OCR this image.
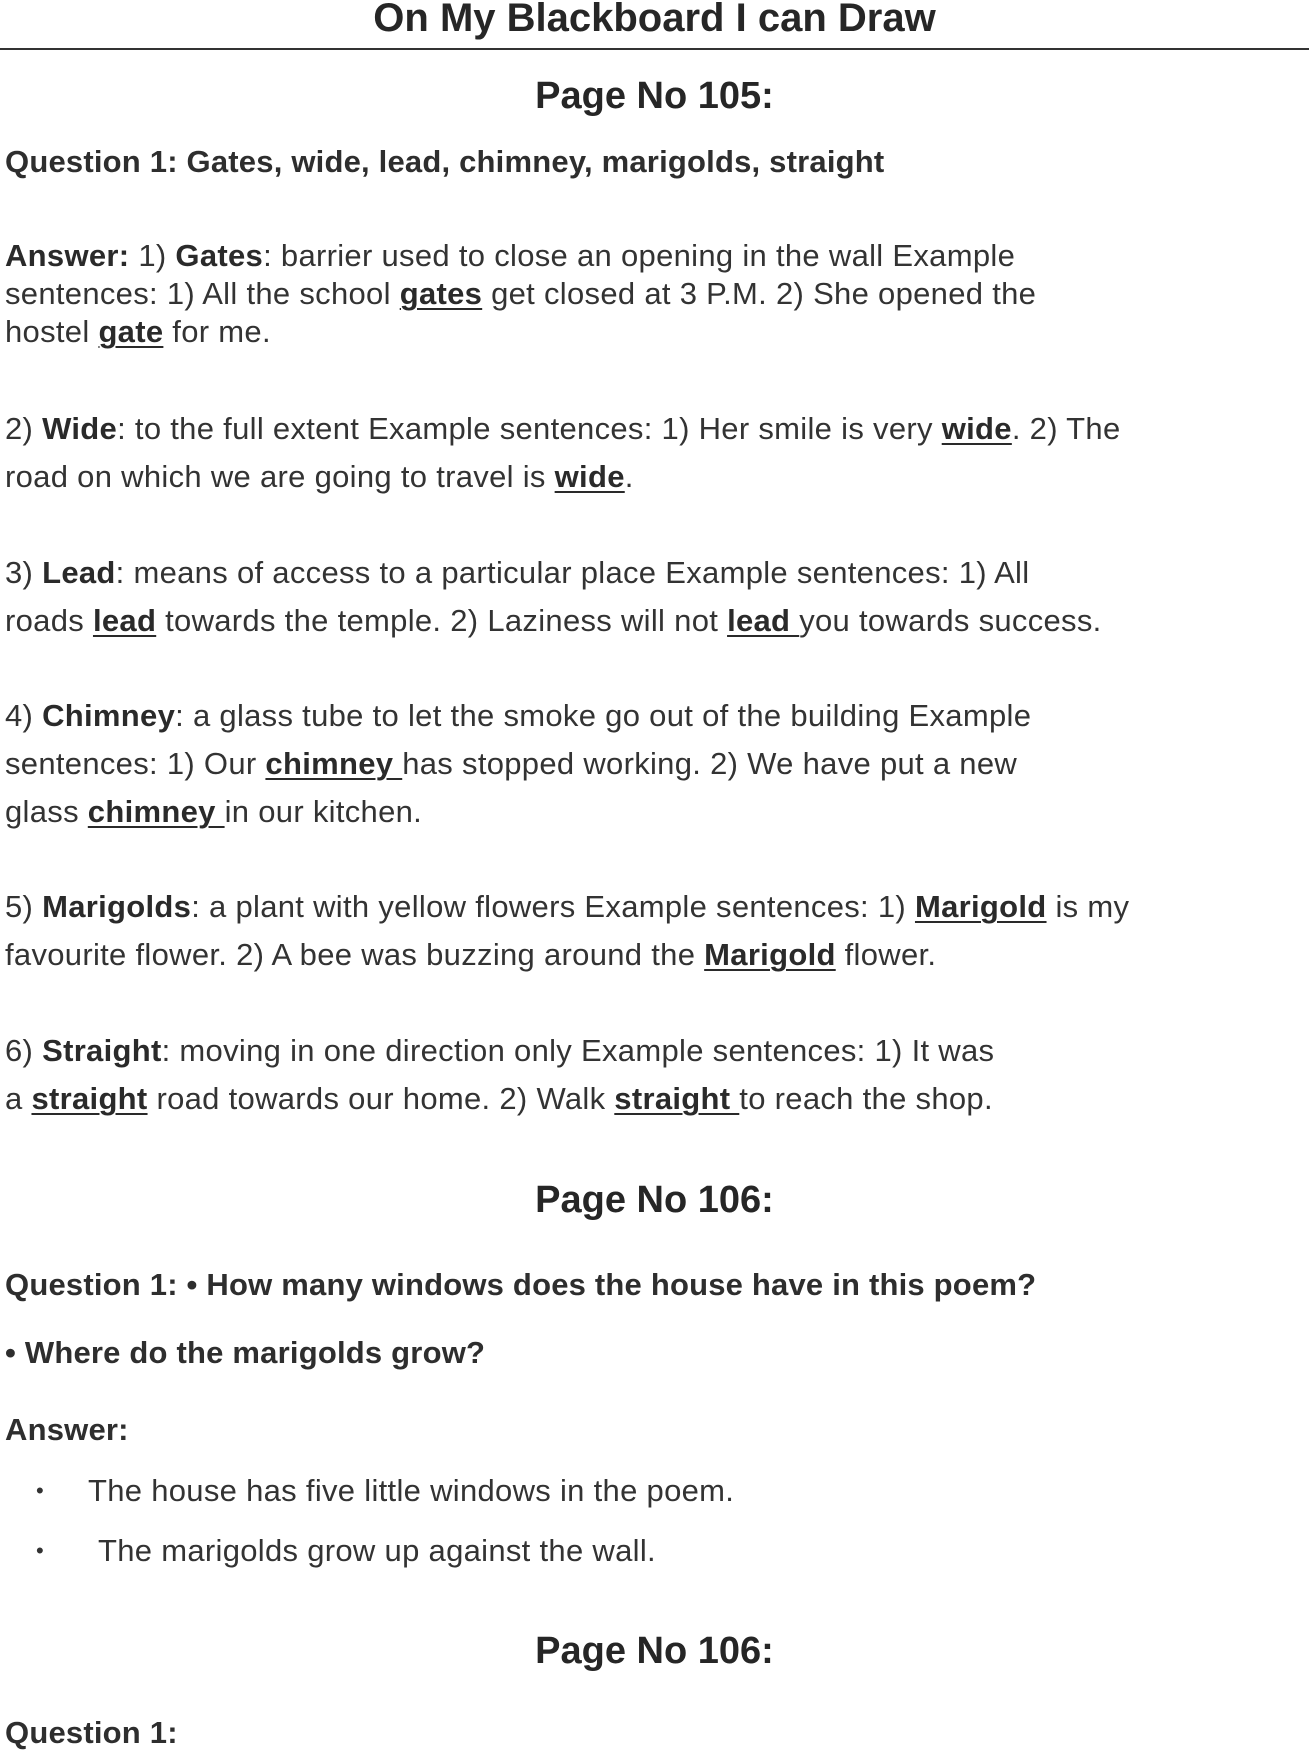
On My Blackboard I can Draw
Page No 105:
Question 1: Gates, wide, lead, chimney, marigolds, straight
Answer: 1) Gates: barrier used to close an opening in the wall Example
sentences: 1) All the school gates get closed at 3 P.M. 2) She opened the
hostel gate for me.
2) Wide: to the full extent Example sentences: 1) Her smile is very wide. 2) The
road on which we are going to travel is wide.
3) Lead: means of access to a particular place Example sentences: 1) All
roads lead towards the temple. 2) Laziness will not lead you towards success.
4) Chimney: a glass tube to let the smoke go out of the building Example
sentences: 1) Our chimney has stopped working. 2) We have put a new
glass chimney in our kitchen.
5) Marigolds: a plant with yellow flowers Example sentences: 1) Marigold is my
favourite flower. 2) A bee was buzzing around the Marigold flower.
6) Straight: moving in one direction only Example sentences: 1) It was
a straight road towards our home. 2) Walk straight to reach the shop.
Page No 106:
Question 1: • How many windows does the house have in this poem?
• Where do the marigolds grow?
Answer:
• The house has five little windows in the poem.
• The marigolds grow up against the wall.
Page No 106:
Question 1:
